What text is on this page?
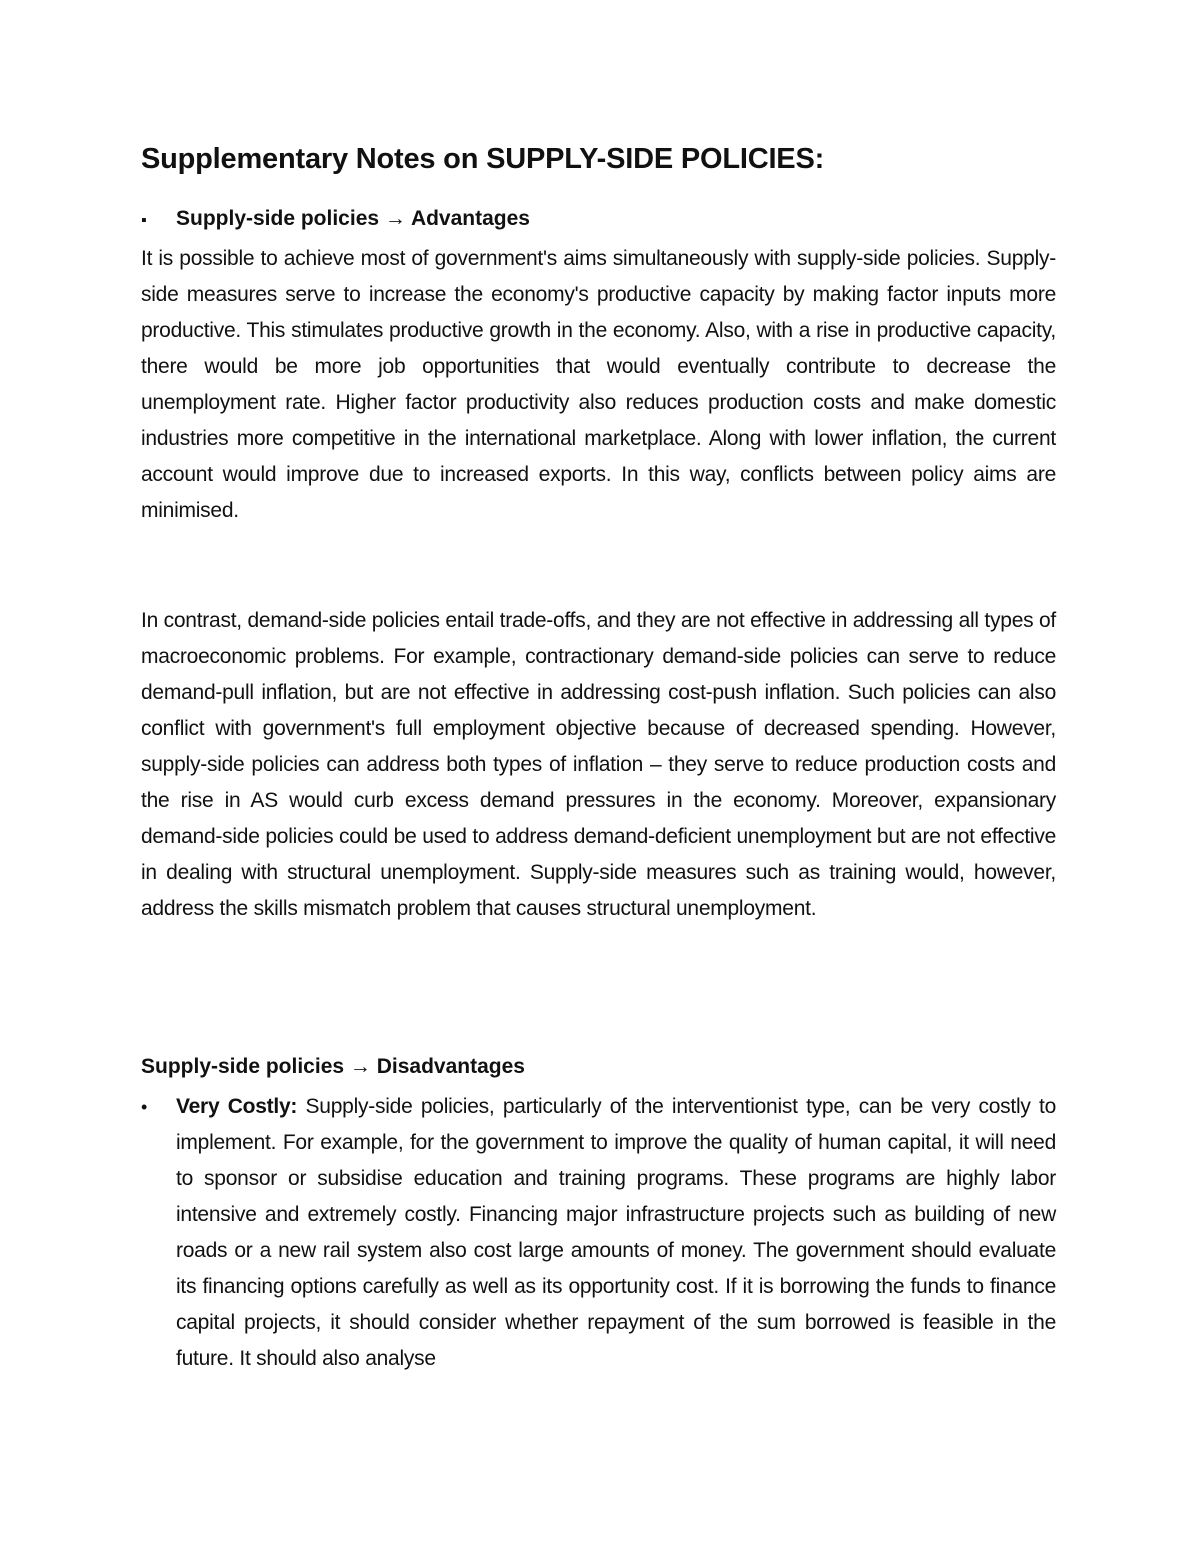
Supplementary Notes on SUPPLY-SIDE POLICIES:
▪ Supply-side policies → Advantages

It is possible to achieve most of government's aims simultaneously with supply-side policies. Supply-side measures serve to increase the economy's productive capacity by making factor inputs more productive. This stimulates productive growth in the economy. Also, with a rise in productive capacity, there would be more job opportunities that would eventually contribute to decrease the unemployment rate. Higher factor productivity also reduces production costs and make domestic industries more competitive in the international marketplace. Along with lower inflation, the current account would improve due to increased exports. In this way, conflicts between policy aims are minimised.

In contrast, demand-side policies entail trade-offs, and they are not effective in addressing all types of macroeconomic problems. For example, contractionary demand-side policies can serve to reduce demand-pull inflation, but are not effective in addressing cost-push inflation. Such policies can also conflict with government's full employment objective because of decreased spending. However, supply-side policies can address both types of inflation – they serve to reduce production costs and the rise in AS would curb excess demand pressures in the economy. Moreover, expansionary demand-side policies could be used to address demand-deficient unemployment but are not effective in dealing with structural unemployment. Supply-side measures such as training would, however, address the skills mismatch problem that causes structural unemployment.

Supply-side policies → Disadvantages
• Very Costly: Supply-side policies, particularly of the interventionist type, can be very costly to implement. For example, for the government to improve the quality of human capital, it will need to sponsor or subsidise education and training programs. These programs are highly labor intensive and extremely costly. Financing major infrastructure projects such as building of new roads or a new rail system also cost large amounts of money. The government should evaluate its financing options carefully as well as its opportunity cost. If it is borrowing the funds to finance capital projects, it should consider whether repayment of the sum borrowed is feasible in the future. It should also analyse
